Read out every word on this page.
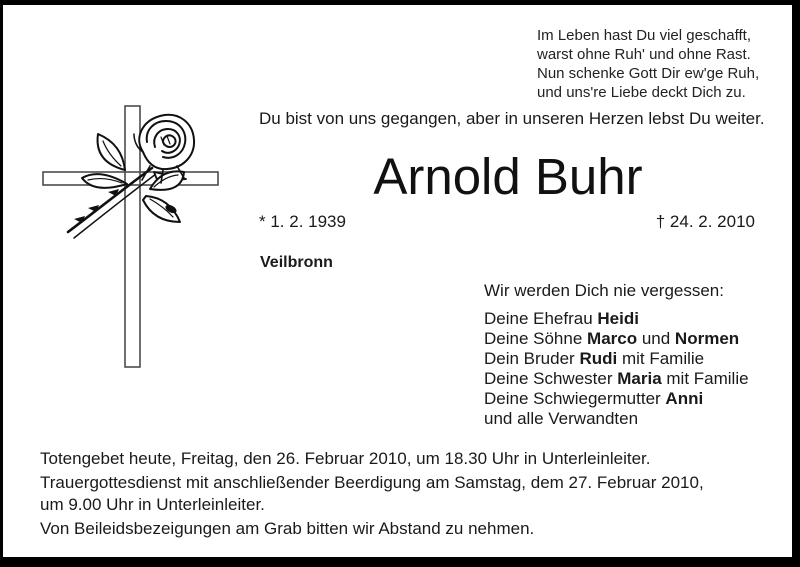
Im Leben hast Du viel geschafft,
warst ohne Ruh' und ohne Rast.
Nun schenke Gott Dir ew'ge Ruh,
und uns're Liebe deckt Dich zu.
Du bist von uns gegangen, aber in unseren Herzen lebst Du weiter.
Arnold Buhr
* 1. 2. 1939	† 24. 2. 2010
Veilbronn
Wir werden Dich nie vergessen:
Deine Ehefrau Heidi
Deine Söhne Marco und Normen
Dein Bruder Rudi mit Familie
Deine Schwester Maria mit Familie
Deine Schwiegermutter Anni
und alle Verwandten
Totengebet heute, Freitag, den 26. Februar 2010, um 18.30 Uhr in Unterleinleiter.
Trauergottesdienst mit anschließender Beerdigung am Samstag, dem 27. Februar 2010,
um 9.00 Uhr in Unterleinleiter.
Von Beileidsbezeigungen am Grab bitten wir Abstand zu nehmen.
